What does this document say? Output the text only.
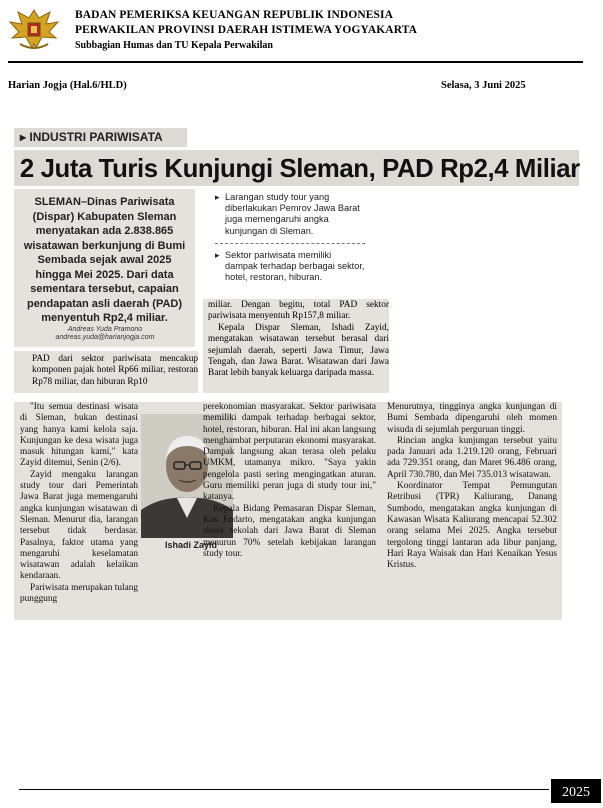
BADAN PEMERIKSA KEUANGAN REPUBLIK INDONESIA
PERWAKILAN PROVINSI DAERAH ISTIMEWA YOGYAKARTA
Subbagian Humas dan TU Kepala Perwakilan
Harian Jogja (Hal.6/HLD)	Selasa, 3 Juni 2025
▸ INDUSTRI PARIWISATA
2 Juta Turis Kunjungi Sleman, PAD Rp2,4 Miliar
SLEMAN–Dinas Pariwisata (Dispar) Kabupaten Sleman menyatakan ada 2.838.865 wisatawan berkunjung di Bumi Sembada sejak awal 2025 hingga Mei 2025. Dari data sementara tersebut, capaian pendapatan asli daerah (PAD) menyentuh Rp2,4 miliar.
Andreas Yuda Pramono
andreas.yuda@harianjogja.com
▸ Larangan study tour yang diberlakukan Pemrov Jawa Barat juga memengaruhi angka kunjungan di Sleman.
▸ Sektor pariwisata memiliki dampak terhadap berbagai sektor, hotel, restoran, hiburan.
PAD dari sektor pariwisata mencakup komponen pajak hotel Rp66 miliar, restoran Rp78 miliar, dan hiburan Rp10
miliar. Dengan begitu, total PAD sektor pariwisata menyentuh Rp157,8 miliar.

Kepala Dispar Sleman, Ishadi Zayid, mengatakan wisatawan tersebut berasal dari sejumlah daerah, seperti Jawa Timur, Jawa Tengah, dan Jawa Barat. Wisatawan dari Jawa Barat lebih banyak keluarga daripada massa.

"Itu semua destinasi wisata di Sleman, bukan destinasi yang hanya kami kelola saja. Kunjungan ke desa wisata juga masuk hitungan kami," kata Zayid ditemui, Senin (2/6).

Zayid mengaku larangan study tour dari Pemerintah Jawa Barat juga memengaruhi angka kunjungan wisatawan di Sleman. Menurut dia, larangan tersebut tidak berdasar. Pasalnya, faktor utama yang mengaruhi keselamatan wisatawan adalah kelaikan kendaraan.

Pariwisata merupakan tulang punggung

Ishadi Zayid
perekonomian masyarakat. Sektor pariwisata memiliki dampak terhadap berbagai sektor, hotel, restoran, hiburan. Hal ini akan langsung menghambat perputaran ekonomi masyarakat. Dampak langsung akan terasa oleh pelaku UMKM, utamanya mikro. "Saya yakin pengelola pasti sering mengingatkan aturan. Guru memiliki peran juga di study tour ini," katanya.

Kepala Bidang Pemasaran Dispar Sleman, Kus Endarto, mengatakan angka kunjungan siswa sekolah dari Jawa Barat di Sleman menurun 70% setelah kebijakan larangan study tour.

Menurutnya, tingginya angka kunjungan di Bumi Sembada dipengaruhi oleh momen wisuda di sejumlah perguruan tinggi.

Rincian angka kunjungan tersebut yaitu pada Januari ada 1.219.120 orang, Februari ada 729.351 orang, dan Maret 96.486 orang, April 730.780, dan Mei 735.013 wisatawan.

Koordinator Tempat Pemungutan Retribusi (TPR) Kaliurang, Danang Sumbodo, mengatakan angka kunjungan di Kawasan Wisata Kaliurang mencapai 52.302 orang selama Mei 2025. Angka tersebut tergolong tinggi lantaran ada libur panjang, Hari Raya Waisak dan Hari Kenaikan Yesus Kristus.

2025
